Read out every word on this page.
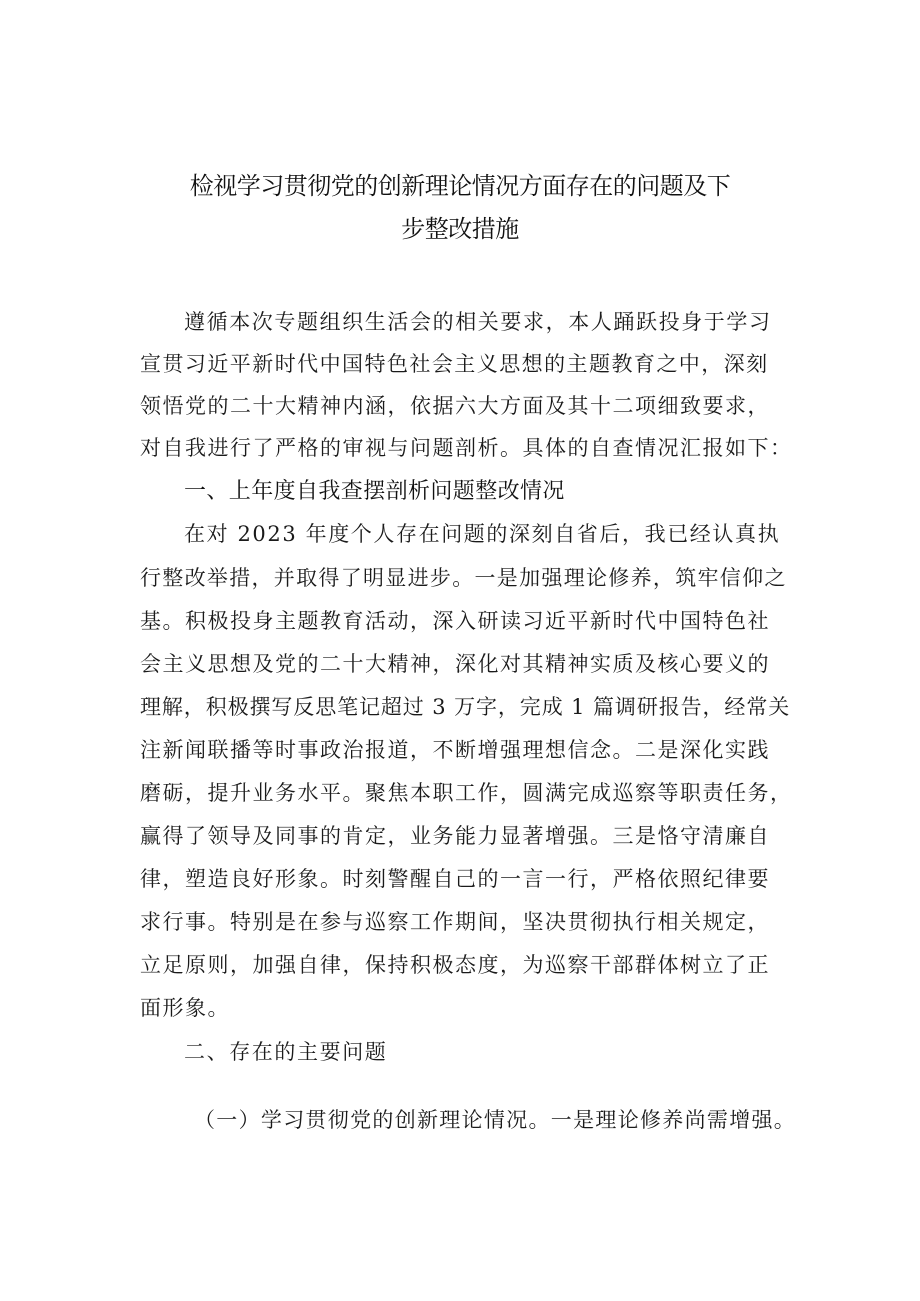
检视学习贯彻党的创新理论情况方面存在的问题及下
步整改措施
遵循本次专题组织生活会的相关要求，本人踊跃投身于学习
宣贯习近平新时代中国特色社会主义思想的主题教育之中，深刻
领悟党的二十大精神内涵，依据六大方面及其十二项细致要求，
对自我进行了严格的审视与问题剖析。具体的自查情况汇报如下：
一、上年度自我查摆剖析问题整改情况
在对 2023 年度个人存在问题的深刻自省后，我已经认真执
行整改举措，并取得了明显进步。一是加强理论修养，筑牢信仰之
基。积极投身主题教育活动，深入研读习近平新时代中国特色社
会主义思想及党的二十大精神，深化对其精神实质及核心要义的
理解，积极撰写反思笔记超过 3 万字，完成 1 篇调研报告，经常关
注新闻联播等时事政治报道，不断增强理想信念。二是深化实践
磨砺，提升业务水平。聚焦本职工作，圆满完成巡察等职责任务，
赢得了领导及同事的肯定，业务能力显著增强。三是恪守清廉自
律，塑造良好形象。时刻警醒自己的一言一行，严格依照纪律要
求行事。特别是在参与巡察工作期间，坚决贯彻执行相关规定，
立足原则，加强自律，保持积极态度，为巡察干部群体树立了正
面形象。
二、存在的主要问题
（一）学习贯彻党的创新理论情况。一是理论修养尚需增强。
